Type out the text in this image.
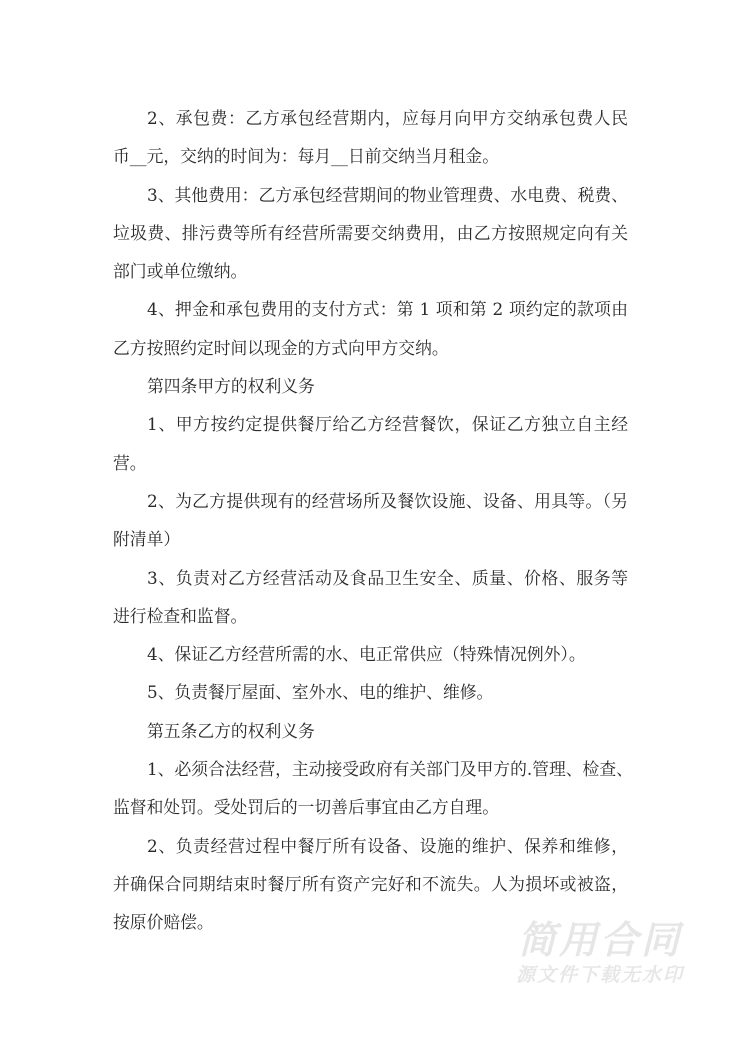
2、承包费：乙方承包经营期内，应每月向甲方交纳承包费人民
币__元，交纳的时间为：每月__日前交纳当月租金。
3、其他费用：乙方承包经营期间的物业管理费、水电费、税费、
垃圾费、排污费等所有经营所需要交纳费用，由乙方按照规定向有关
部门或单位缴纳。
4、押金和承包费用的支付方式：第 1 项和第 2 项约定的款项由
乙方按照约定时间以现金的方式向甲方交纳。
第四条甲方的权利义务
1、甲方按约定提供餐厅给乙方经营餐饮，保证乙方独立自主经
营。
2、为乙方提供现有的经营场所及餐饮设施、设备、用具等。（另
附清单）
3、负责对乙方经营活动及食品卫生安全、质量、价格、服务等
进行检查和监督。
4、保证乙方经营所需的水、电正常供应（特殊情况例外）。
5、负责餐厅屋面、室外水、电的维护、维修。
第五条乙方的权利义务
1、必须合法经营，主动接受政府有关部门及甲方的.管理、检查、
监督和处罚。受处罚后的一切善后事宜由乙方自理。
2、负责经营过程中餐厅所有设备、设施的维护、保养和维修，
并确保合同期结束时餐厅所有资产完好和不流失。人为损坏或被盗，
按原价赔偿。	简用合同
源文件下载无水印
